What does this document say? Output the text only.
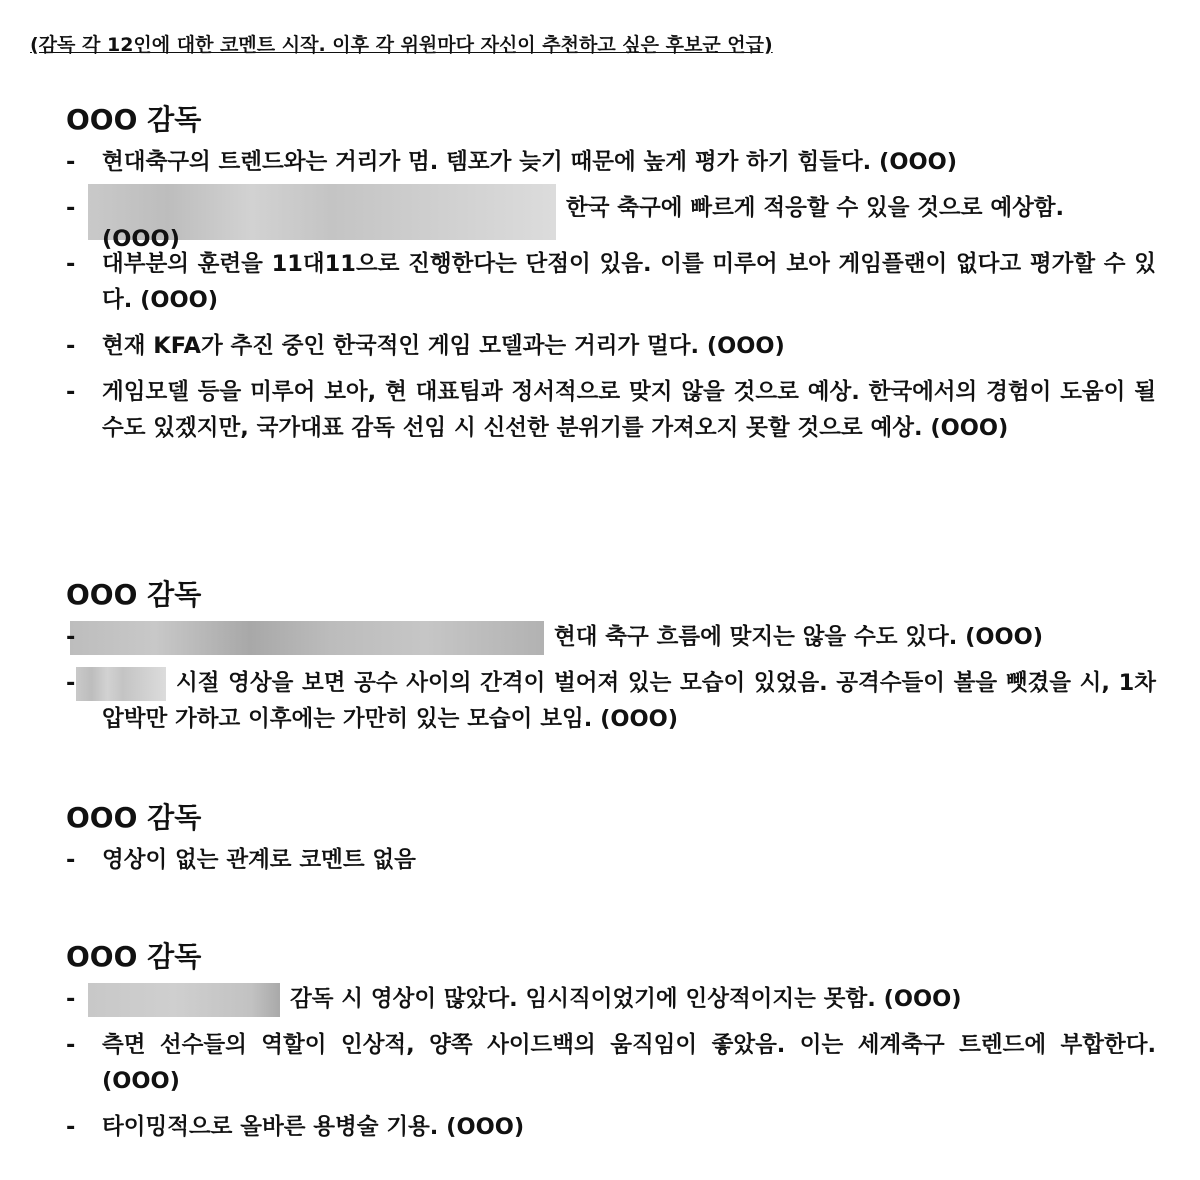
(감독 각 12인에 대한 코멘트 시작. 이후 각 위원마다 자신이 추천하고 싶은 후보군 언급)
OOO 감독
-	현대축구의 트렌드와는 거리가 멈. 템포가 늦기 때문에 높게 평가 하기 힘들다. (OOO)
-	한국 축구에 빠르게 적응할 수 있을 것으로 예상함.
(OOO)
-	대부분의 훈련을 11대11으로 진행한다는 단점이 있음. 이를 미루어 보아 게임플랜이 없다고 평가할 수 있다. (OOO)
-	현재 KFA가 추진 중인 한국적인 게임 모델과는 거리가 멀다. (OOO)
-	게임모델 등을 미루어 보아, 현 대표팀과 정서적으로 맞지 않을 것으로 예상. 한국에서의 경험이 도움이 될수도 있겠지만, 국가대표 감독 선임 시 신선한 분위기를 가져오지 못할 것으로 예상. (OOO)
OOO 감독
-	현대 축구 흐름에 맞지는 않을 수도 있다. (OOO)
-	시절 영상을 보면 공수 사이의 간격이 벌어져 있는 모습이 있었음. 공격수들이 볼을 뺏겼을 시, 1차 압박만 가하고 이후에는 가만히 있는 모습이 보임. (OOO)
OOO 감독
-	영상이 없는 관계로 코멘트 없음
OOO 감독
-	감독 시 영상이 많았다. 임시직이었기에 인상적이지는 못함. (OOO)
-	측면 선수들의 역할이 인상적, 양쪽 사이드백의 움직임이 좋았음. 이는 세계축구 트렌드에 부합한다. (OOO)
-	타이밍적으로 올바른 용병술 기용. (OOO)
